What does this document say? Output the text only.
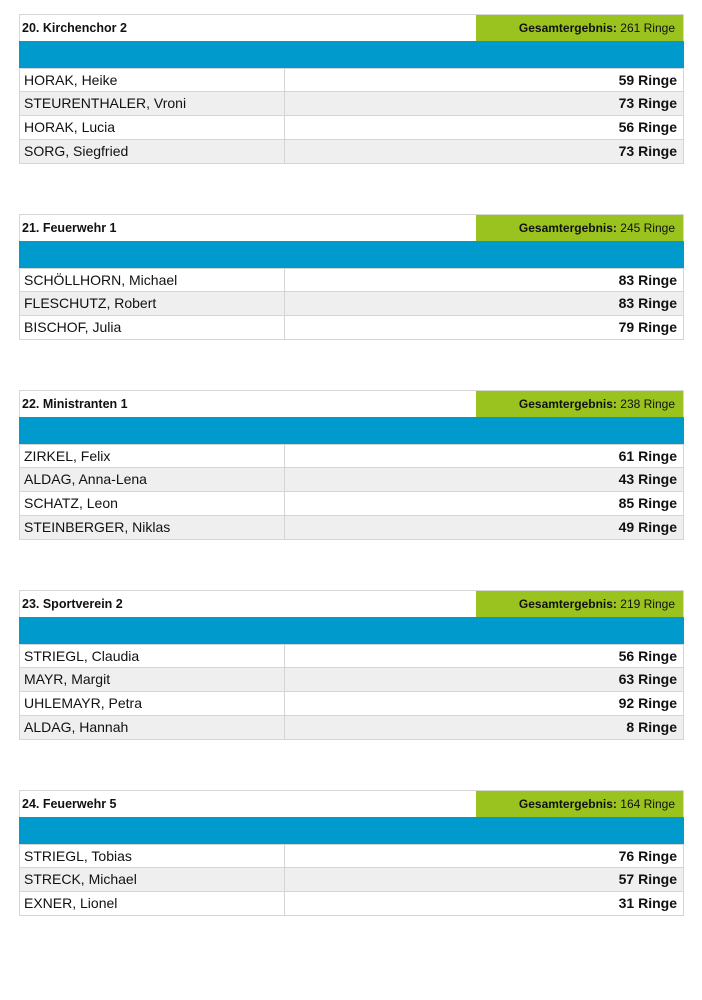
20. Kirchenchor 2	Gesamtergebnis: 261 Ringe
HORAK, Heike	59 Ringe
STEURENTHALER, Vroni	73 Ringe
HORAK, Lucia	56 Ringe
SORG, Siegfried	73 Ringe
21. Feuerwehr 1	Gesamtergebnis: 245 Ringe
SCHÖLLHORN, Michael	83 Ringe
FLESCHUTZ, Robert	83 Ringe
BISCHOF, Julia	79 Ringe
22. Ministranten 1	Gesamtergebnis: 238 Ringe
ZIRKEL, Felix	61 Ringe
ALDAG, Anna-Lena	43 Ringe
SCHATZ, Leon	85 Ringe
STEINBERGER, Niklas	49 Ringe
23. Sportverein 2	Gesamtergebnis: 219 Ringe
STRIEGL, Claudia	56 Ringe
MAYR, Margit	63 Ringe
UHLEMAYR, Petra	92 Ringe
ALDAG, Hannah	8 Ringe
24. Feuerwehr 5	Gesamtergebnis: 164 Ringe
STRIEGL, Tobias	76 Ringe
STRECK, Michael	57 Ringe
EXNER, Lionel	31 Ringe
